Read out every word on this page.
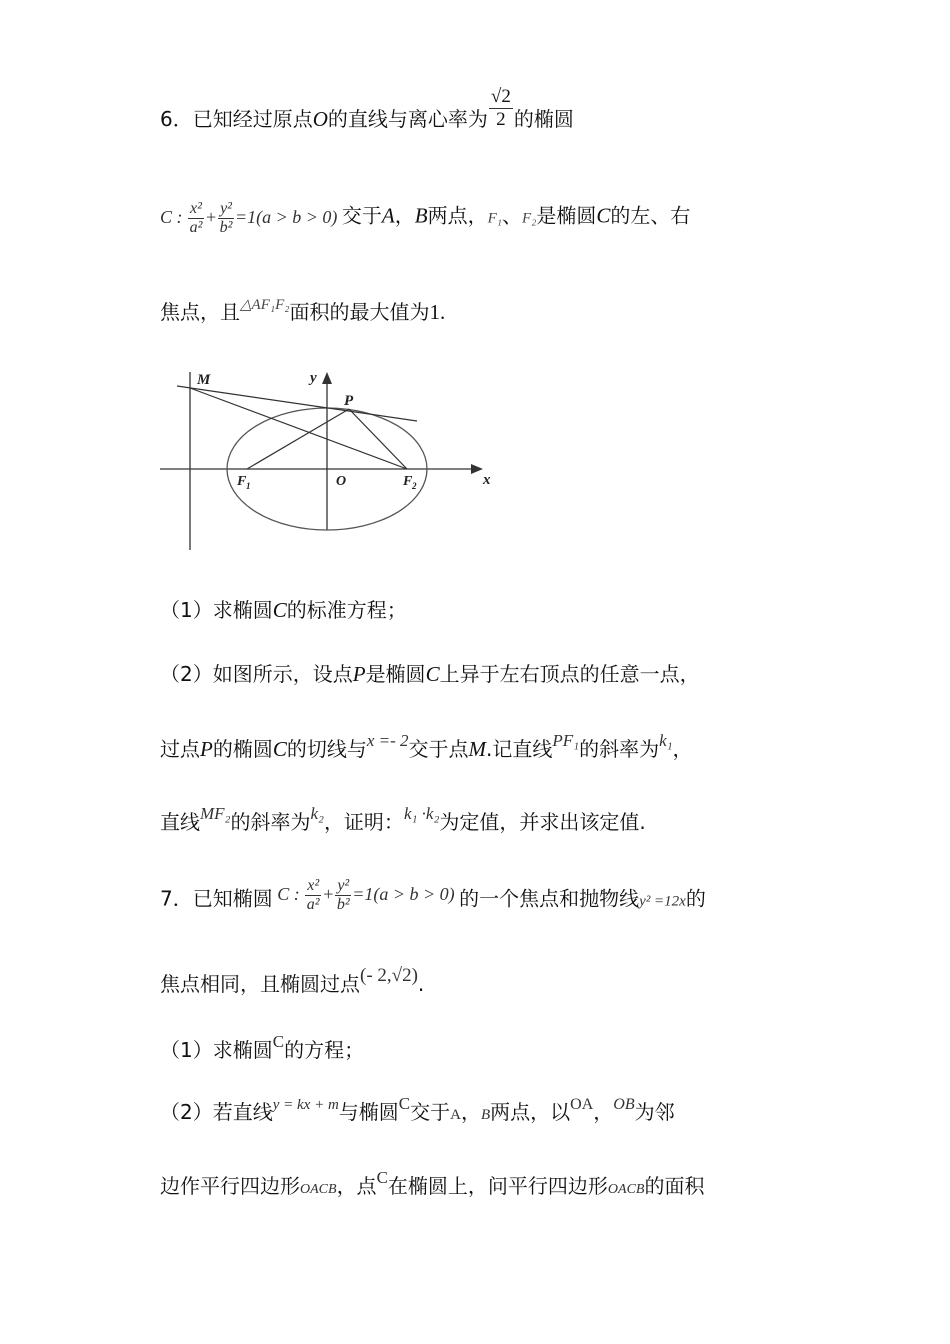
6．已知经过原点O的直线与离心率为 $\frac{√2}{2}$ 的椭圆
C : $\frac{\text{x²}}{\text{a²}} + \frac{\text{y²}}{\text{b²}} =1(a > b > 0)$ 交于A，B两点，F₁、F₂是椭圆C的左、右
焦点，且$^{\triangle AF_1F_2}$面积的最大值为1.
M	y
P
F 1	O	F 2	x
（1）求椭圆C的标准方程；
（2）如图所示，设点P是椭圆C上异于左右顶点的任意一点，
过点P的椭圆C的切线与$^{x =- 2}$交于点M.记直线$^{PF_1}$的斜率为$^{k_1}$，
直线$^{MF_2}$的斜率为$^{k_2}$，证明：$^{k_1 \cdot k_2}$为定值，并求出该定值.
7．已知椭圆 C : $\frac{\text{x²}}{\text{a²}} + \frac{\text{y²}}{\text{b²}} =1(a > b > 0)$ 的一个焦点和抛物线y² =12x的
焦点相同，且椭圆过点(- 2,√2).
（1）求椭圆$^C$的方程；
（2）若直线$^{y = kx + m}$与椭圆$^C$交于A，B两点，以$^{OA}$，$^{OB}$为邻
边作平行四边形OACB，点$^C$在椭圆上，问平行四边形OACB的面积
